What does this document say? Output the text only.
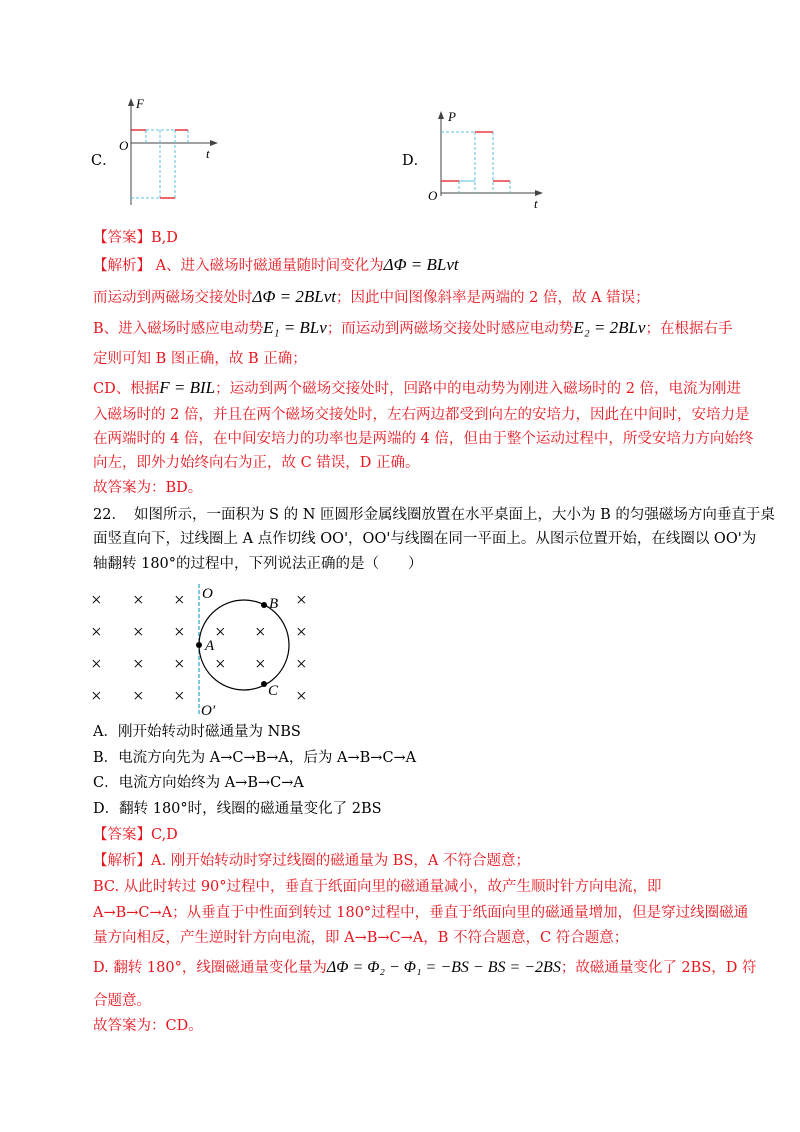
C．
O
F
t	D．
O
P
t
【答案】B,D
【解析】 A、进入磁场时磁通量随时间变化为ΔΦ = BLvt
而运动到两磁场交接处时ΔΦ = 2BLvt；因此中间图像斜率是两端的 2 倍，故 A 错误；
B、进入磁场时感应电动势E₁ = BLv；而运动到两磁场交接处时感应电动势E₂ = 2BLv；在根据右手
定则可知 B 图正确，故 B 正确；
CD、根据F = BIL；运动到两个磁场交接处时，回路中的电动势为刚进入磁场时的 2 倍，电流为刚进
入磁场时的 2 倍，并且在两个磁场交接处时，左右两边都受到向左的安培力，因此在中间时，安培力是
在两端时的 4 倍，在中间安培力的功率也是两端的 4 倍，但由于整个运动过程中，所受安培力方向始终
向左，即外力始终向右为正，故 C 错误，D 正确。
故答案为：BD。
22． 如图所示，一面积为 S 的 N 匝圆形金属线圈放置在水平桌面上，大小为 B 的匀强磁场方向垂直于桌
面竖直向下，过线圈上 A 点作切线 OO'，OO'与线圈在同一平面上。从图示位置开始，在线圈以 OO'为
轴翻转 180°的过程中，下列说法正确的是（　　）
× × ×	×
× × × × × ×
× × × × × ×
× × ×	×
O
O'
A
B
C
A．刚开始转动时磁通量为 NBS
B．电流方向先为 A→C→B→A，后为 A→B→C→A
C．电流方向始终为 A→B→C→A
D．翻转 180°时，线圈的磁通量变化了 2BS
【答案】C,D
【解析】A. 刚开始转动时穿过线圈的磁通量为 BS，A 不符合题意；
BC. 从此时转过 90°过程中，垂直于纸面向里的磁通量减小，故产生顺时针方向电流，即
A→B→C→A；从垂直于中性面到转过 180°过程中，垂直于纸面向里的磁通量增加，但是穿过线圈磁通
量方向相反，产生逆时针方向电流，即 A→B→C→A，B 不符合题意，C 符合题意；
D. 翻转 180°，线圈磁通量变化量为ΔΦ = Φ₂ − Φ₁ = −BS − BS = −2BS；故磁通量变化了 2BS，D 符
合题意。
故答案为：CD。
